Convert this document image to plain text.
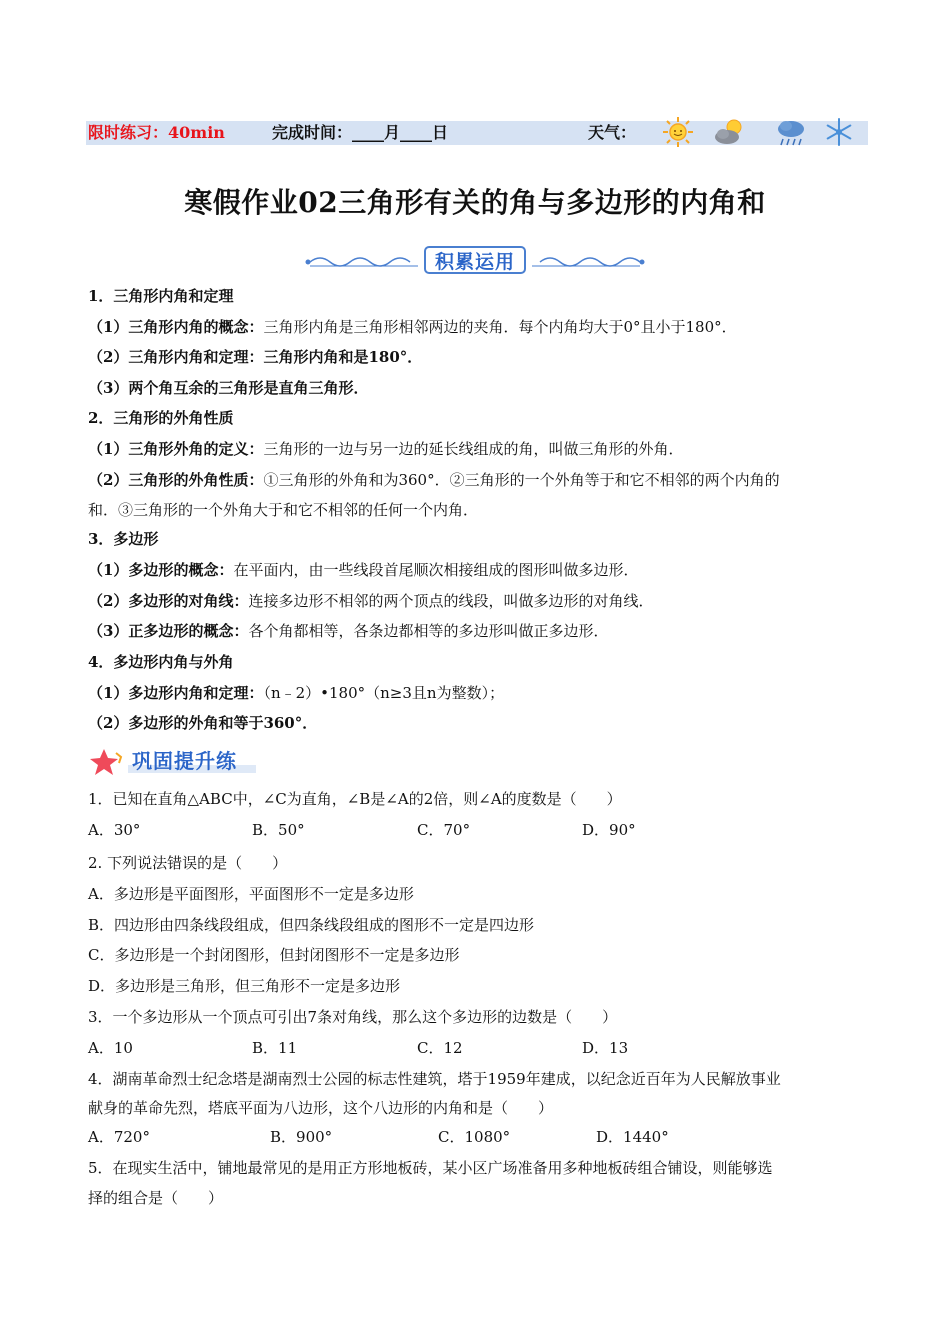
限时练习：40min	完成时间：____月____日	天气：
寒假作业02三角形有关的角与多边形的内角和
积累运用
1．三角形内角和定理
（1）三角形内角的概念：三角形内角是三角形相邻两边的夹角．每个内角均大于0°且小于180°．
（2）三角形内角和定理：三角形内角和是180°．
（3）两个角互余的三角形是直角三角形．
2．三角形的外角性质
（1）三角形外角的定义：三角形的一边与另一边的延长线组成的角，叫做三角形的外角．
（2）三角形的外角性质：①三角形的外角和为360°．②三角形的一个外角等于和它不相邻的两个内角的
和．③三角形的一个外角大于和它不相邻的任何一个内角．
3．多边形
（1）多边形的概念：在平面内，由一些线段首尾顺次相接组成的图形叫做多边形．
（2）多边形的对角线：连接多边形不相邻的两个顶点的线段，叫做多边形的对角线．
（3）正多边形的概念：各个角都相等，各条边都相等的多边形叫做正多边形．
4．多边形内角与外角
（1）多边形内角和定理：（n﹣2）•180°（n≥3且n为整数）；
（2）多边形的外角和等于360°．
巩固提升练
1．已知在直角△ABC中，∠C为直角，∠B是∠A的2倍，则∠A的度数是（　　）
A．30°	B．50°	C．70°	D．90°
2. 下列说法错误的是（　　）
A．多边形是平面图形，平面图形不一定是多边形
B．四边形由四条线段组成，但四条线段组成的图形不一定是四边形
C．多边形是一个封闭图形，但封闭图形不一定是多边形
D．多边形是三角形，但三角形不一定是多边形
3．一个多边形从一个顶点可引出7条对角线，那么这个多边形的边数是（　　）
A．10	B．11	C．12	D．13
4．湖南革命烈士纪念塔是湖南烈士公园的标志性建筑，塔于1959年建成，以纪念近百年为人民解放事业
献身的革命先烈，塔底平面为八边形，这个八边形的内角和是（　　）
A．720°	B．900°	C．1080°	D．1440°
5．在现实生活中，铺地最常见的是用正方形地板砖，某小区广场准备用多种地板砖组合铺设，则能够选
择的组合是（　　）
